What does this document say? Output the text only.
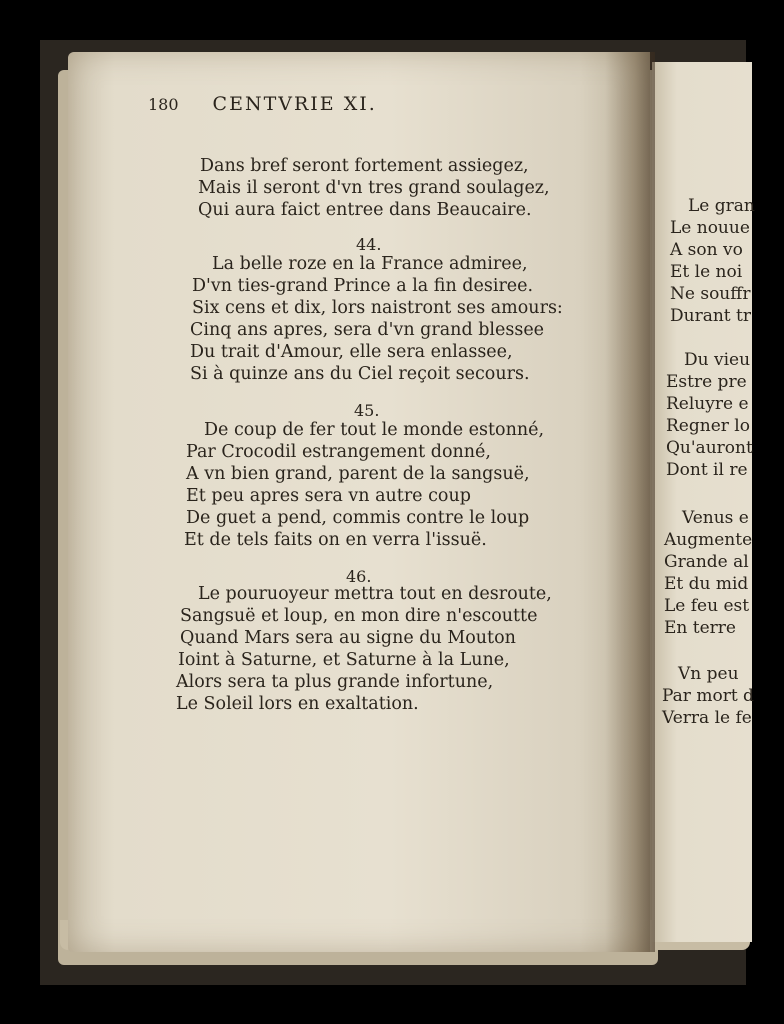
180 CENTVRIE XI.
Dans bref seront fortement assiegez,
Mais il seront d'vn tres grand soulagez,
Qui aura faict entree dans Beaucaire.
44.
La belle roze en la France admiree,
D'vn ties-grand Prince a la fin desiree.
Six cens et dix, lors naistront ses amours:
Cinq ans apres, sera d'vn grand blessee
Du trait d'Amour, elle sera enlassee,
Si à quinze ans du Ciel reçoit secours.
45.
De coup de fer tout le monde estonné,
Par Crocodil estrangement donné,
A vn bien grand, parent de la sangsuë,
Et peu apres sera vn autre coup
De guet a pend, commis contre le loup
Et de tels faits on en verra l'issuë.
46.
Le pouruoyeur mettra tout en desroute,
Sangsuë et loup, en mon dire n'escoutte
Quand Mars sera au signe du Mouton
Ioint à Saturne, et Saturne à la Lune,
Alors sera ta plus grande infortune,
Le Soleil lors en exaltation.
Le gran
Le nouue
A son vo
Et le noi
Ne souffr
Durant tr
Du vieu
Estre pre
Reluyre e
Regner lo
Qu'auront
Dont il re
Venus e
Augmente
Grande al
Et du mid
Le feu est
En terre
Vn peu
Par mort d
Verra le fe
